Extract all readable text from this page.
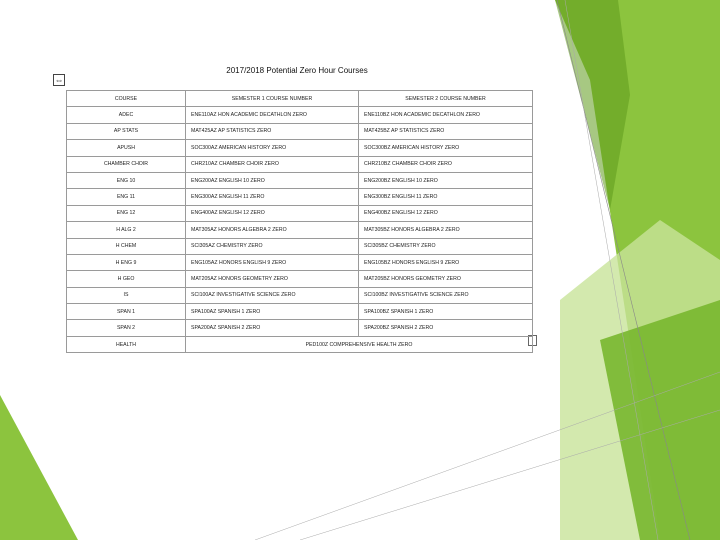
⇔
2017/2018 Potential Zero Hour Courses
COURSE	SEMESTER 1 COURSE NUMBER	SEMESTER 2 COURSE NUMBER
ADEC	ENE110AZ HON ACADEMIC DECATHLON ZERO	ENE110BZ HON ACADEMIC DECATHLON ZERO
AP STATS	MAT425AZ AP STATISTICS ZERO	MAT425BZ AP STATISTICS ZERO
APUSH	SOC300AZ AMERICAN HISTORY ZERO	SOC300BZ AMERICAN HISTORY ZERO
CHAMBER CHOIR	CHR210AZ CHAMBER CHOIR ZERO	CHR210BZ CHAMBER CHOIR ZERO
ENG 10	ENG200AZ ENGLISH 10 ZERO	ENG200BZ ENGLISH 10 ZERO
ENG 11	ENG300AZ ENGLISH 11 ZERO	ENG300BZ ENGLISH 11 ZERO
ENG 12	ENG400AZ ENGLISH 12 ZERO	ENG400BZ ENGLISH 12 ZERO
H ALG 2	MAT305AZ HONORS ALGEBRA 2 ZERO	MAT305BZ HONORS ALGEBRA 2 ZERO
H CHEM	SCI305AZ CHEMISTRY ZERO	SCI305BZ CHEMISTRY ZERO
H ENG 9	ENG105AZ HONORS ENGLISH 9 ZERO	ENG105BZ HONORS ENGLISH 9 ZERO
H GEO	MAT205AZ HONORS GEOMETRY ZERO	MAT205BZ HONORS GEOMETRY ZERO
IS	SCI100AZ INVESTIGATIVE SCIENCE ZERO	SCI100BZ INVESTIGATIVE SCIENCE ZERO
SPAN 1	SPA100AZ SPANISH 1 ZERO	SPA100BZ SPANISH 1 ZERO
SPAN 2	SPA200AZ SPANISH 2 ZERO	SPA200BZ SPANISH 2 ZERO
HEALTH	PED100Z COMPREHENSIVE HEALTH ZERO	
